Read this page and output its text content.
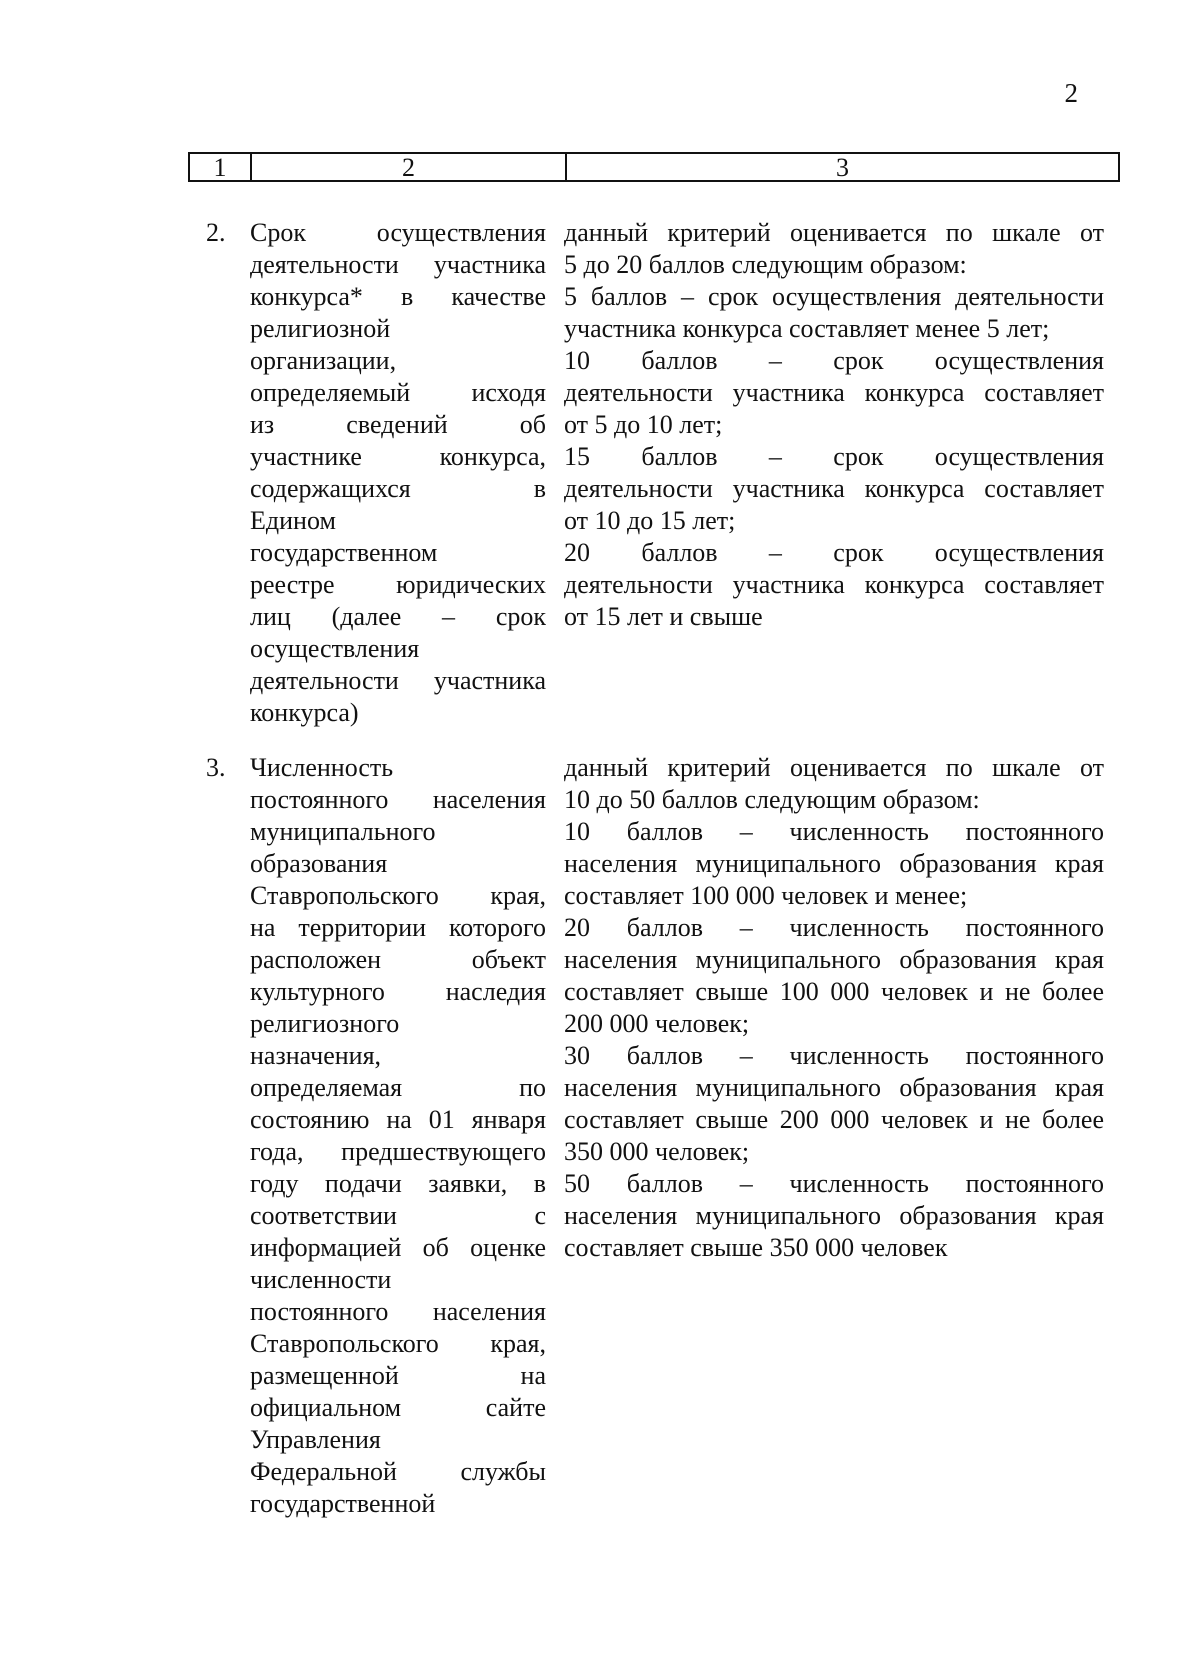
2
1	2	3
2. Срок осуществления
деятельности участника
конкурса* в качестве
религиозной
организации,
определяемый исходя
из сведений об
участнике конкурса,
содержащихся в
Едином
государственном
реестре юридических
лиц (далее – срок
осуществления
деятельности участника
конкурса)
данный критерий оценивается по шкале от
5 до 20 баллов следующим образом:
5 баллов – срок осуществления деятельности
участника конкурса составляет менее 5 лет;
10 баллов – срок осуществления
деятельности участника конкурса составляет
от 5 до 10 лет;
15 баллов – срок осуществления
деятельности участника конкурса составляет
от 10 до 15 лет;
20 баллов – срок осуществления
деятельности участника конкурса составляет
от 15 лет и свыше
3. Численность
постоянного населения
муниципального
образования
Ставропольского края,
на территории которого
расположен объект
культурного наследия
религиозного
назначения,
определяемая по
состоянию на 01 января
года, предшествующего
году подачи заявки, в
соответствии с
информацией об оценке
численности
постоянного населения
Ставропольского края,
размещенной на
официальном сайте
Управления
Федеральной службы
государственной
данный критерий оценивается по шкале от
10 до 50 баллов следующим образом:
10 баллов – численность постоянного
населения муниципального образования края
составляет 100 000 человек и менее;
20 баллов – численность постоянного
населения муниципального образования края
составляет свыше 100 000 человек и не более
200 000 человек;
30 баллов – численность постоянного
населения муниципального образования края
составляет свыше 200 000 человек и не более
350 000 человек;
50 баллов – численность постоянного
населения муниципального образования края
составляет свыше 350 000 человек
